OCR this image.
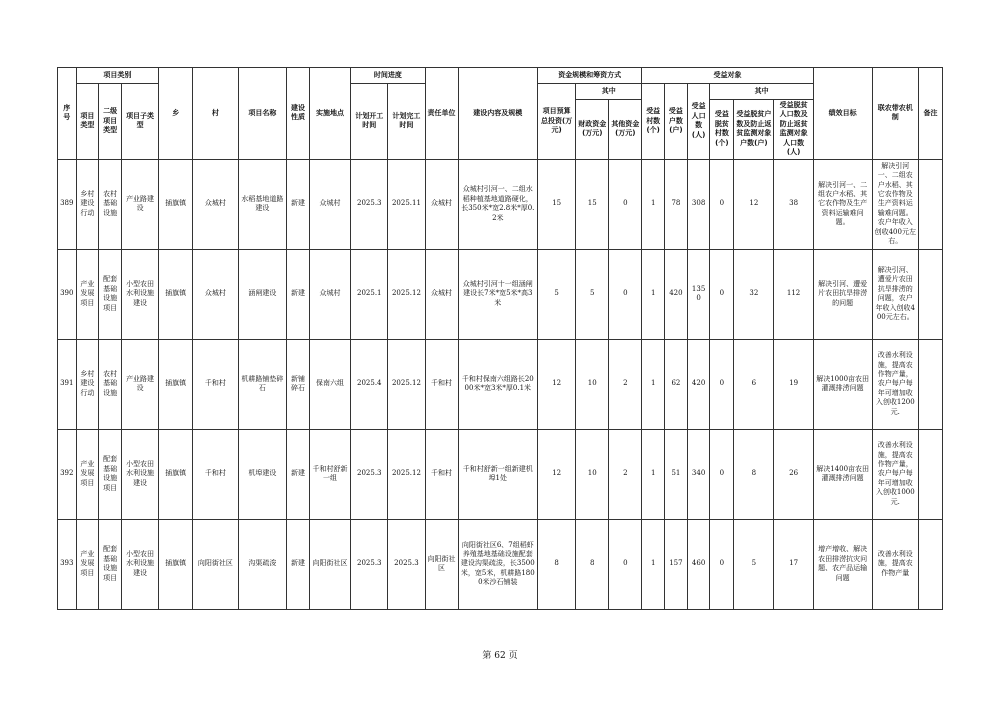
序号	项目类别			乡	村	项目名称	建设性质	实施地点	时间进度		责任单位	建设内容及规模	资金规模和筹资方式			受益对象						绩效目标	联农带农机制	备注
	项目类型	二级项目类型	项目子类型						计划开工时间	计划完工时间			项目预算总投资(万元)	其中		受益村数(个)	受益户数(户)	受益人口数(人)	其中					
														财政资金(万元)	其他资金(万元)				受益脱贫村数(个)	受益脱贫户数及防止返贫监测对象户数(户)	受益脱贫人口数及防止返贫监测对象人口数(人)			
389	乡村建设行动	农村基础设施	产业路建设	插旗镇	众城村	水稻基地道路建设	新建	众城村	2025.3	2025.11	众城村	众城村引河一、二组水稻种植基地道路硬化，长350米*宽2.8米*厚0.2米	15	15	0	1	78	308	0	12	38	解决引河一、二组农户水稻、其它农作物及生产资料运输难问题。	解决引河一、二组农户水稻、其它农作物及生产资料运输难问题。农户年收入创收400元左右。	
390	产业发展项目	配套基础设施项目	小型农田水利设施建设	插旗镇	众城村	涵闸建设	新建	众城村	2025.1	2025.12	众城村	众城村引河十一组涵闸建设长7米*宽5米*高3米	5	5	0	1	420	1350	0	32	112	解决引河、遭爱片农田抗旱排涝的问题	解决引河、遭爱片农田抗旱排涝的问题，农户年收入创收400元左右。	
391	乡村建设行动	农村基础设施	产业路建设	插旗镇	千和村	机耕路铺垫碎石	新铺碎石	保南六组	2025.4	2025.12	千和村	千和村保南六组路长2000米*宽3米*厚0.1米	12	10	2	1	62	420	0	6	19	解决1000亩农田灌溉排涝问题	改善水利设施，提高农作物产量，农户每户每年可增加收入创收1200元.	
392	产业发展项目	配套基础设施项目	小型农田水利设施建设	插旗镇	千和村	机埠建设	新建	千和村舒新一组	2025.3	2025.12	千和村	千和村舒新一组新建机埠1处	12	10	2	1	51	340	0	8	26	解决1400亩农田灌溉排涝问题	改善水利设施，提高农作物产量，农户每户每年可增加收入创收1000元.	
393	产业发展项目	配套基础设施项目	小型农田水利设施建设	插旗镇	向阳街社区	沟渠疏浚	新建	向阳街社区	2025.3	2025.3	向阳街社区	向阳街社区6、7组稻虾养殖基地基础设施配套建设沟渠疏浚，长3500米，宽5米，机耕路1800米沙石铺装	8	8	0	1	157	460	0	5	17	增产增收、解决农田排涝抗灾问题、农产品运输问题	改善水利设施，提高农作物产量	
第 62 页
